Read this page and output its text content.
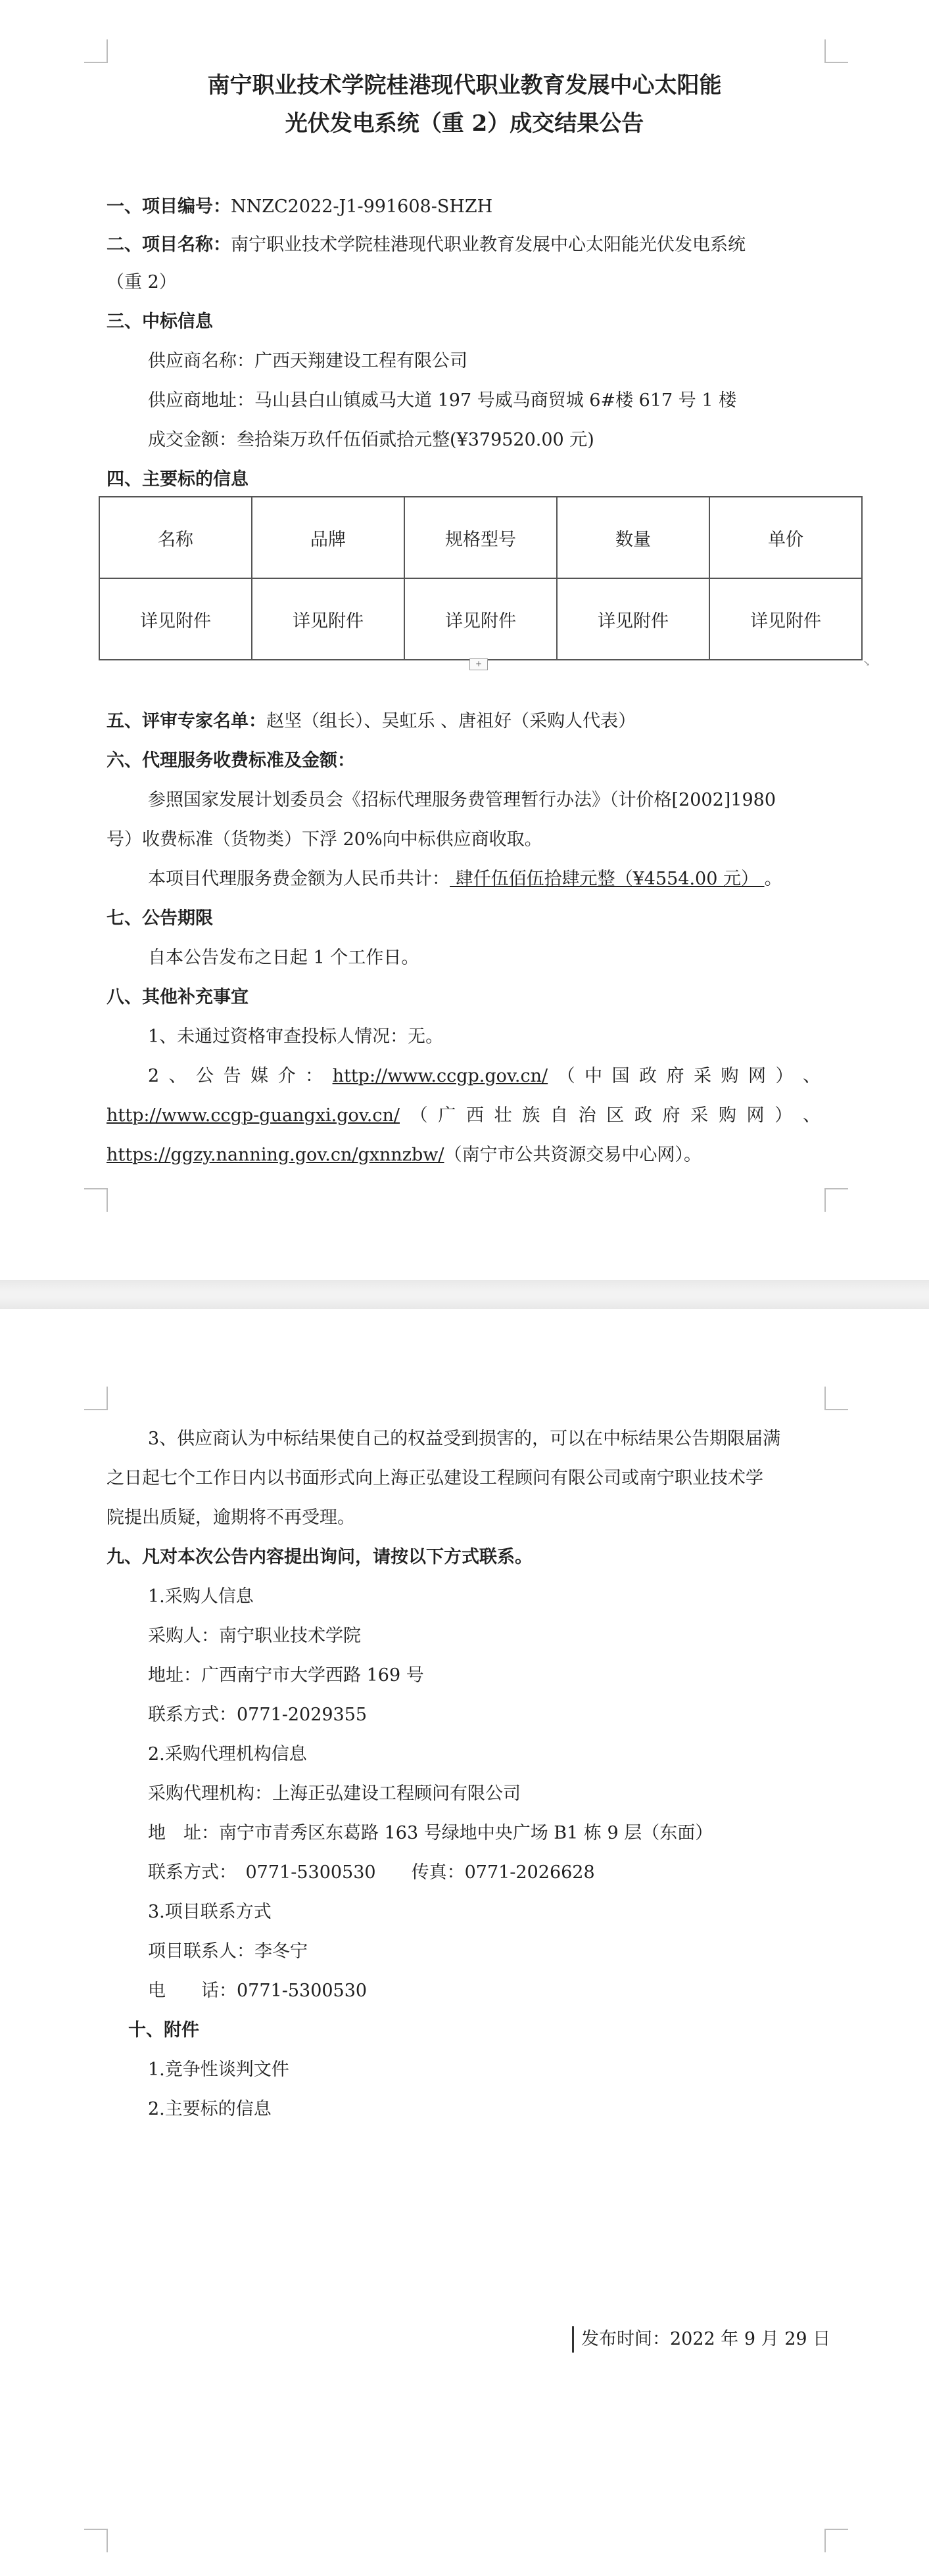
南宁职业技术学院桂港现代职业教育发展中心太阳能
光伏发电系统（重 2）成交结果公告
一、项目编号：NNZC2022-J1-991608-SHZH
二、项目名称：南宁职业技术学院桂港现代职业教育发展中心太阳能光伏发电系统
（重 2）
三、中标信息
供应商名称：广西天翔建设工程有限公司
供应商地址：马山县白山镇威马大道 197 号威马商贸城 6#楼 617 号 1 楼
成交金额：叁拾柒万玖仟伍佰贰拾元整(¥379520.00 元)
四、主要标的信息
名称	品牌	规格型号	数量	单价
详见附件	详见附件	详见附件	详见附件	详见附件
+	↘
五、评审专家名单：赵坚（组长）、吴虹乐 、唐祖好（采购人代表）
六、代理服务收费标准及金额：
参照国家发展计划委员会《招标代理服务费管理暂行办法》（计价格[2002]1980
号）收费标准（货物类）下浮 20%向中标供应商收取。
本项目代理服务费金额为人民币共计： 肆仟伍佰伍拾肆元整（¥4554.00 元） 。
七、公告期限
自本公告发布之日起 1 个工作日。
八、其他补充事宜
1、未通过资格审查投标人情况：无。
2 、 公 告 媒 介 ： http://www.ccgp.gov.cn/ （ 中 国 政 府 采 购 网 ） 、
http://www.ccgp-guangxi.gov.cn/ （ 广 西 壮 族 自 治 区 政 府 采 购 网 ） 、
https://ggzy.nanning.gov.cn/gxnnzbw/（南宁市公共资源交易中心网）。
3、供应商认为中标结果使自己的权益受到损害的，可以在中标结果公告期限届满
之日起七个工作日内以书面形式向上海正弘建设工程顾问有限公司或南宁职业技术学
院提出质疑，逾期将不再受理。
九、凡对本次公告内容提出询问，请按以下方式联系。
1.采购人信息
采购人：南宁职业技术学院
地址：广西南宁市大学西路 169 号
联系方式：0771-2029355
2.采购代理机构信息
采购代理机构：上海正弘建设工程顾问有限公司
地　址：南宁市青秀区东葛路 163 号绿地中央广场 B1 栋 9 层（东面）
联系方式：　0771-5300530　　传真：0771-2026628
3.项目联系方式
项目联系人：李冬宁
电　　话：0771-5300530
十、附件
1.竞争性谈判文件
2.主要标的信息
发布时间：2022 年 9 月 29 日
